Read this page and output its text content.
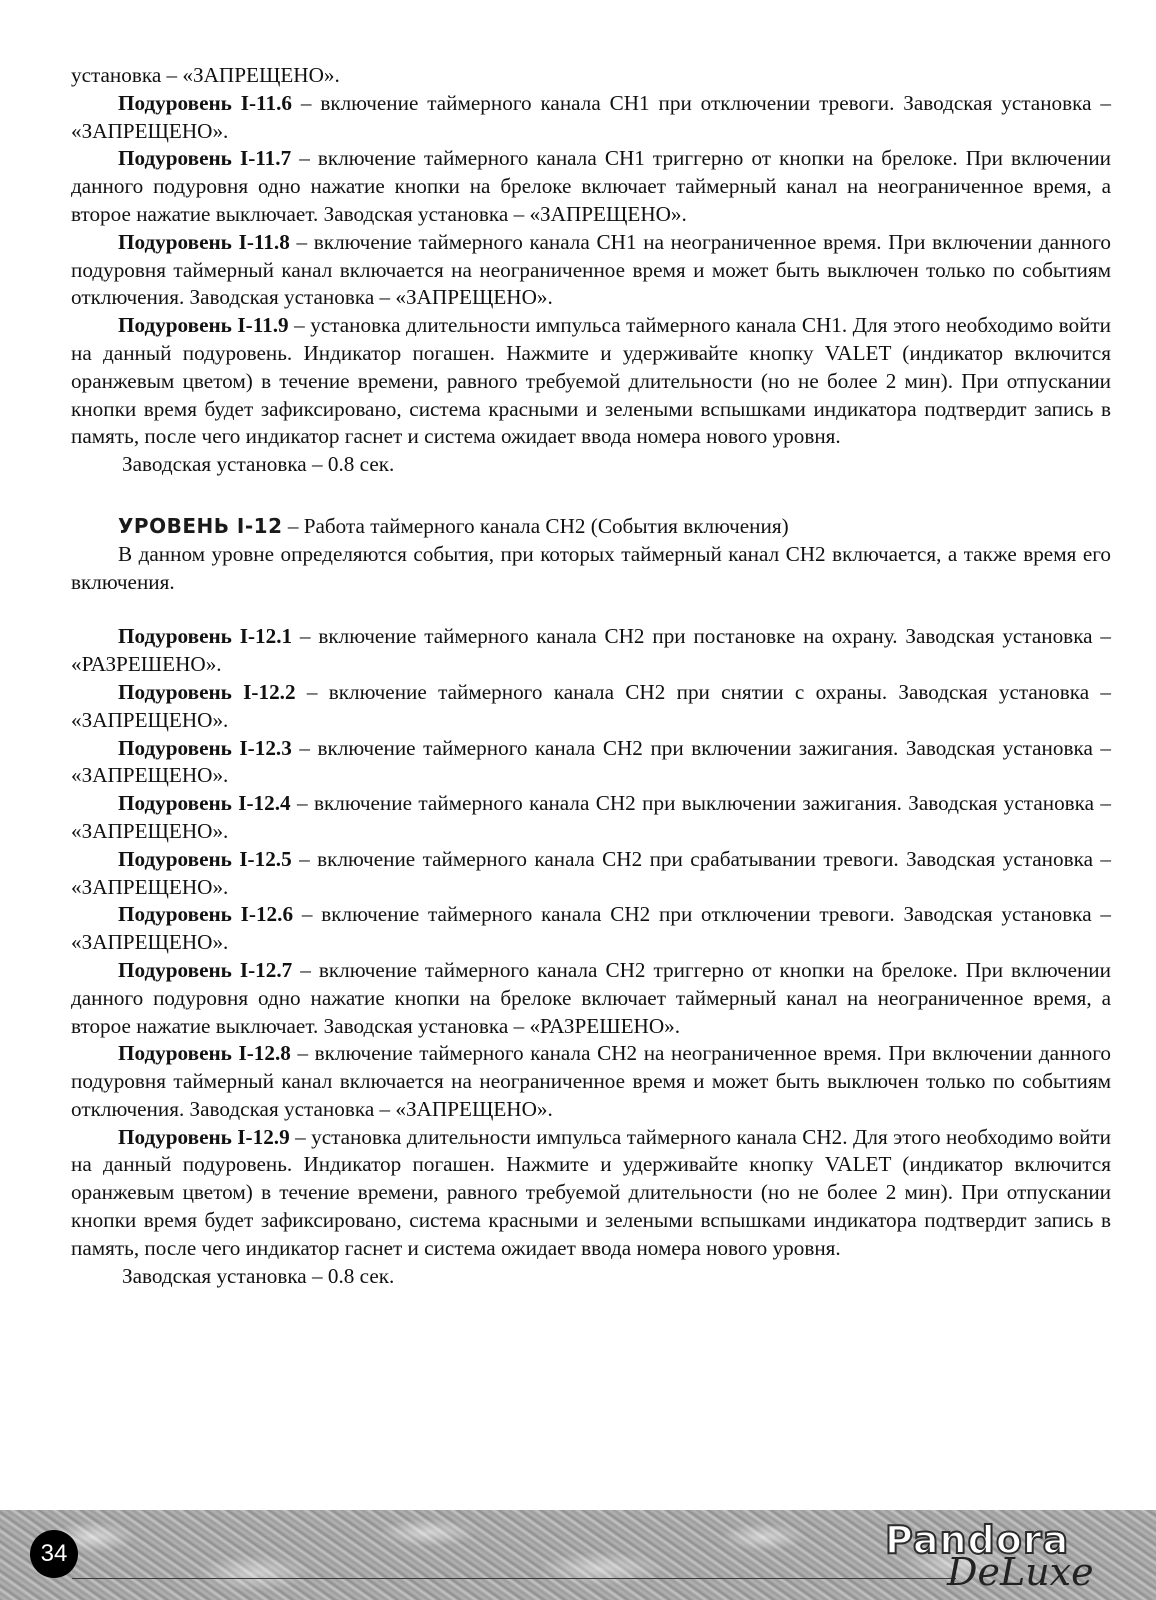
установка – «ЗАПРЕЩЕНО».

Подуровень I-11.6 – включение таймерного канала СН1 при отключении тревоги. Заводская установка – «ЗАПРЕЩЕНО».

Подуровень I-11.7 – включение таймерного канала СН1 триггерно от кнопки на брелоке. При включении данного подуровня одно нажатие кнопки на брелоке включает таймерный канал на неограниченное время, а второе нажатие выключает. Заводская установка – «ЗАПРЕЩЕНО».

Подуровень I-11.8 – включение таймерного канала СН1 на неограниченное время. При включении данного подуровня таймерный канал включается на неограниченное время и может быть выключен только по событиям отключения. Заводская установка – «ЗАПРЕЩЕНО».

Подуровень I-11.9 – установка длительности импульса таймерного канала СН1. Для этого необходимо войти на данный подуровень. Индикатор погашен. Нажмите и удерживайте кнопку VALET (индикатор включится оранжевым цветом) в течение времени, равного требуемой длительности (но не более 2 мин). При отпускании кнопки время будет зафиксировано, система красными и зелеными вспышками индикатора подтвердит запись в память, после чего индикатор гаснет и система ожидает ввода номера нового уровня.

Заводская установка – 0.8 сек.

УРОВЕНЬ I-12 – Работа таймерного канала СН2 (События включения)

В данном уровне определяются события, при которых таймерный канал СН2 включается, а также время его включения.

Подуровень I-12.1 – включение таймерного канала СН2 при постановке на охрану. Заводская установка – «РАЗРЕШЕНО».

Подуровень I-12.2 – включение таймерного канала СН2 при снятии с охраны. Заводская установка – «ЗАПРЕЩЕНО».

Подуровень I-12.3 – включение таймерного канала СН2 при включении зажигания. Заводская установка – «ЗАПРЕЩЕНО».

Подуровень I-12.4 – включение таймерного канала СН2 при выключении зажигания. Заводская установка – «ЗАПРЕЩЕНО».

Подуровень I-12.5 – включение таймерного канала СН2 при срабатывании тревоги. Заводская установка – «ЗАПРЕЩЕНО».

Подуровень I-12.6 – включение таймерного канала СН2 при отключении тревоги. Заводская установка – «ЗАПРЕЩЕНО».

Подуровень I-12.7 – включение таймерного канала СН2 триггерно от кнопки на брелоке. При включении данного подуровня одно нажатие кнопки на брелоке включает таймерный канал на неограниченное время, а второе нажатие выключает. Заводская установка – «РАЗРЕШЕНО».

Подуровень I-12.8 – включение таймерного канала СН2 на неограниченное время. При включении данного подуровня таймерный канал включается на неограниченное время и может быть выключен только по событиям отключения. Заводская установка – «ЗАПРЕЩЕНО».

Подуровень I-12.9 – установка длительности импульса таймерного канала СН2. Для этого необходимо войти на данный подуровень. Индикатор погашен. Нажмите и удерживайте кнопку VALET (индикатор включится оранжевым цветом) в течение времени, равного требуемой длительности (но не более 2 мин). При отпускании кнопки время будет зафиксировано, система красными и зелеными вспышками индикатора подтвердит запись в память, после чего индикатор гаснет и система ожидает ввода номера нового уровня.

Заводская установка – 0.8 сек.

34	Pandora
DeLuxe
